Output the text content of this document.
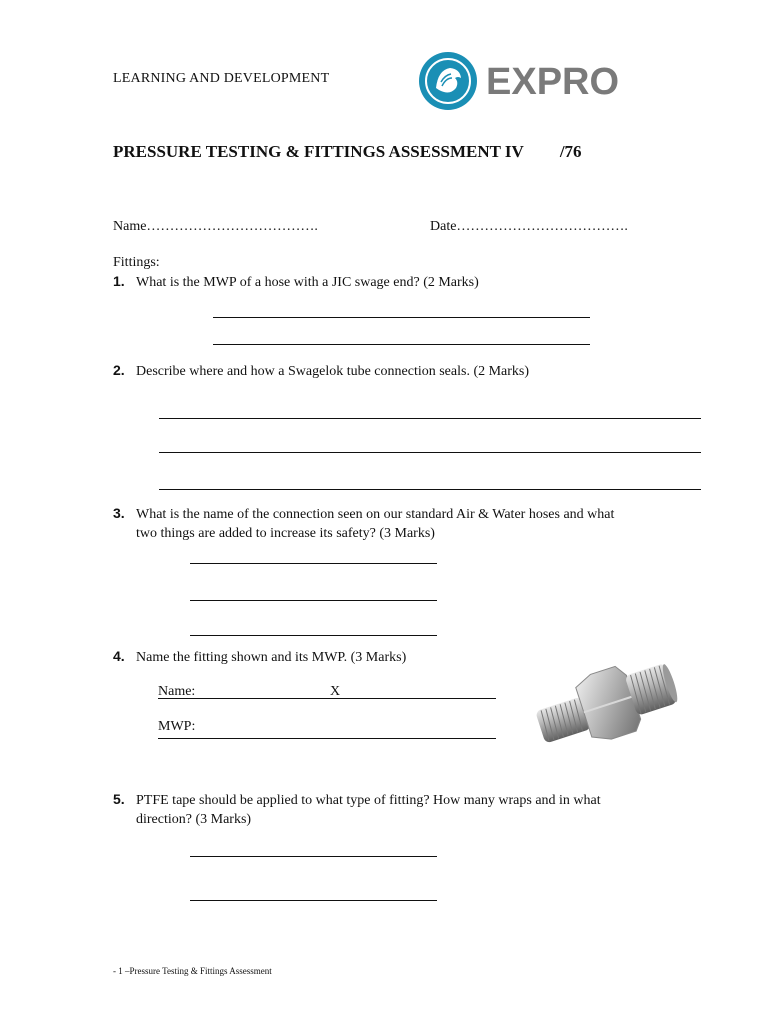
LEARNING AND DEVELOPMENT	EXPRO
PRESSURE TESTING & FITTINGS ASSESSMENT IV /76
Name……………………………….	Date……………………………….
Fittings:
1. What is the MWP of a hose with a JIC swage end? (2 Marks)
2. Describe where and how a Swagelok tube connection seals. (2 Marks)
3. What is the name of the connection seen on our standard Air & Water hoses and what
two things are added to increase its safety? (3 Marks)
4. Name the fitting shown and its MWP. (3 Marks)
Name:	X
MWP:
5. PTFE tape should be applied to what type of fitting? How many wraps and in what
direction? (3 Marks)
- 1 –Pressure Testing & Fittings Assessment
